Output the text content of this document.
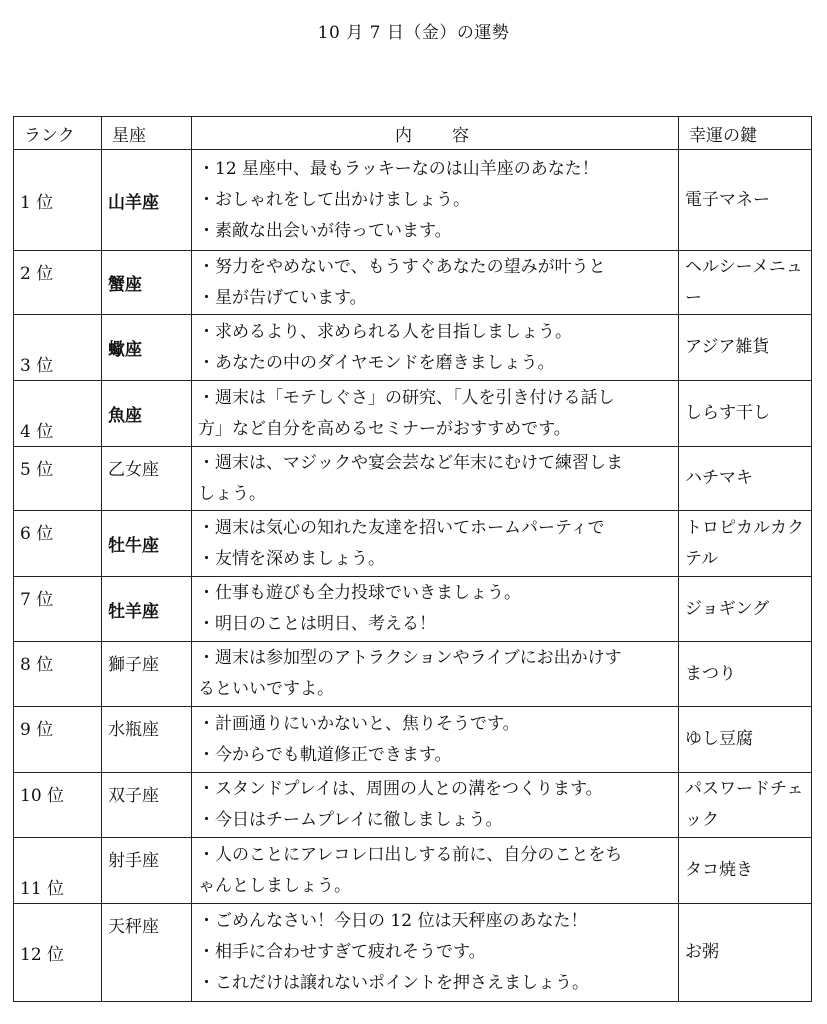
10 月 7 日（金）の運勢
ランク	星座	内容	幸運の鍵
1 位	山羊座	・12 星座中、最もラッキーなのは山羊座のあなた！
・おしゃれをして出かけましょう。
・素敵な出会いが待っています。	電子マネー
2 位	蟹座	・努力をやめないで、もうすぐあなたの望みが叶うと
・星が告げています。	ヘルシーメニュー
3 位	蠍座	・求めるより、求められる人を目指しましょう。
・あなたの中のダイヤモンドを磨きましょう。	アジア雑貨
4 位	魚座	・週末は「モテしぐさ」の研究、「人を引き付ける話し
方」など自分を高めるセミナーがおすすめです。	しらす干し
5 位	乙女座	・週末は、マジックや宴会芸など年末にむけて練習しま
しょう。	ハチマキ
6 位	牡牛座	・週末は気心の知れた友達を招いてホームパーティで
・友情を深めましょう。	トロピカルカクテル
7 位	牡羊座	・仕事も遊びも全力投球でいきましょう。
・明日のことは明日、考える！	ジョギング
8 位	獅子座	・週末は参加型のアトラクションやライブにお出かけす
るといいですよ。	まつり
9 位	水瓶座	・計画通りにいかないと、焦りそうです。
・今からでも軌道修正できます。	ゆし豆腐
10 位	双子座	・スタンドプレイは、周囲の人との溝をつくります。
・今日はチームプレイに徹しましょう。	パスワードチェック
11 位	射手座	・人のことにアレコレ口出しする前に、自分のことをち
ゃんとしましょう。	タコ焼き
12 位	天秤座	・ごめんなさい！今日の 12 位は天秤座のあなた！
・相手に合わせすぎて疲れそうです。
・これだけは譲れないポイントを押さえましょう。	お粥
